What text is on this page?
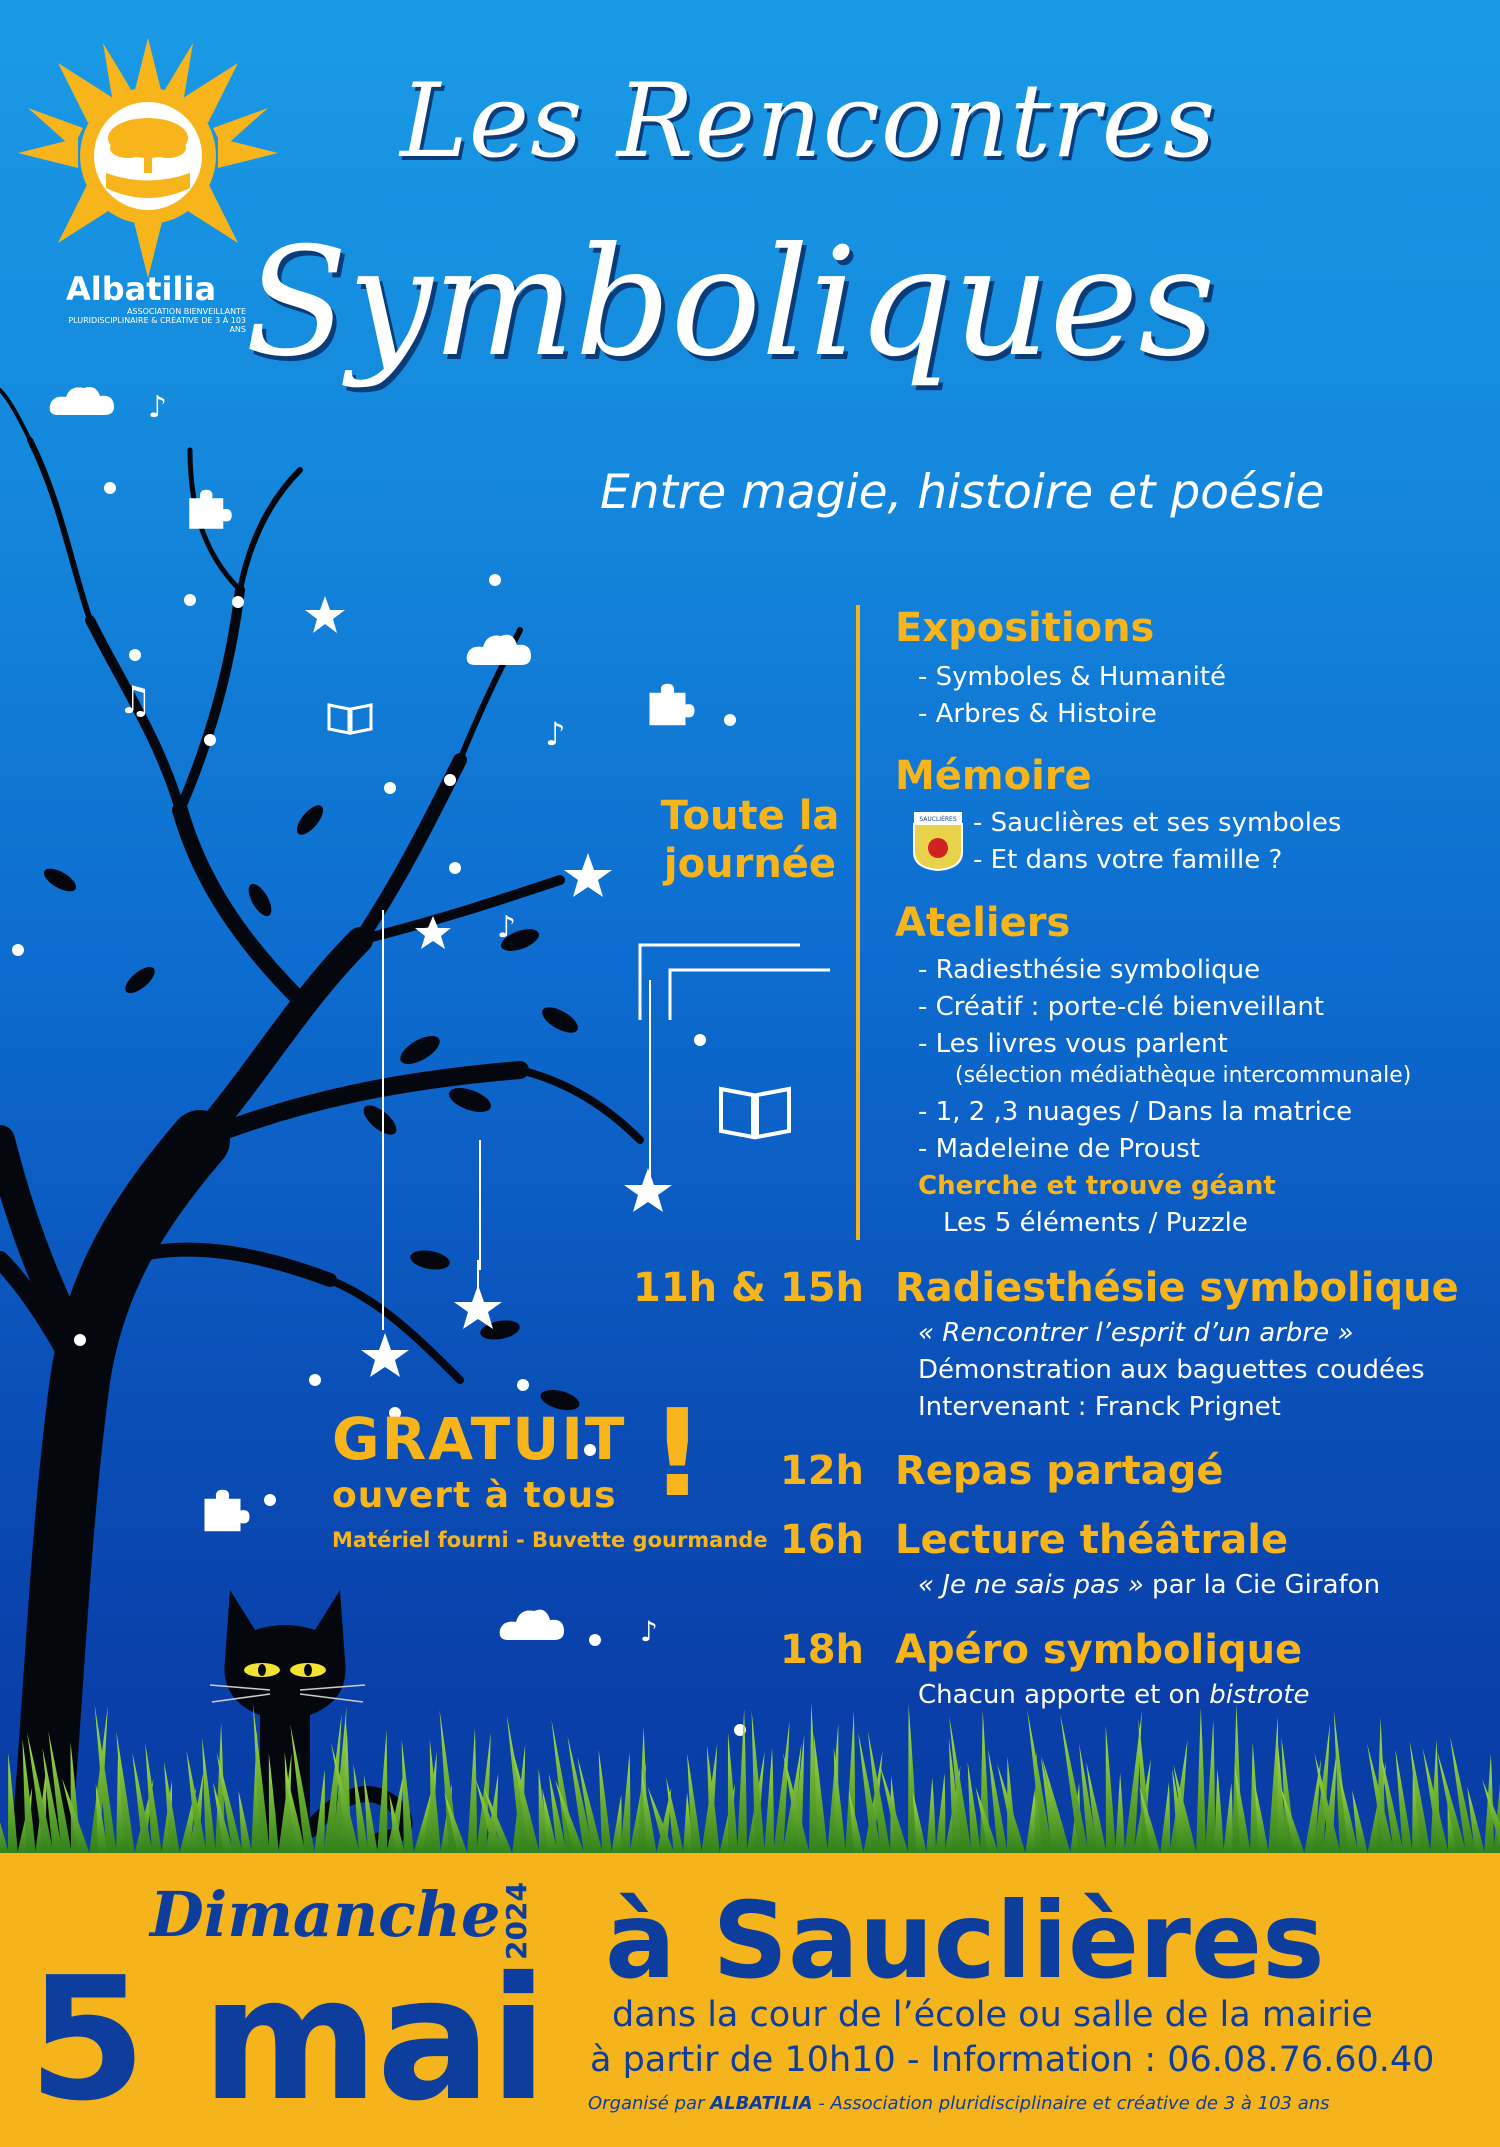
Albatilia
ASSOCIATION BIENVEILLANTE PLURIDISCIPLINAIRE & CRÉATIVE DE 3 À 103 ANS
Les Rencontres
Symboliques
Entre magie, histoire et poésie
♪
♫
♪
♪
♪
Toute la journée
Expositions
- Symboles & Humanité
- Arbres & Histoire
Mémoire
SAUCLIÈRES - Sauclières et ses symboles
- Et dans votre famille ?
Ateliers
- Radiesthésie symbolique
- Créatif : porte-clé bienveillant
- Les livres vous parlent
(sélection médiathèque intercommunale)
- 1, 2 ,3 nuages / Dans la matrice
- Madeleine de Proust
Cherche et trouve géant
Les 5 éléments / Puzzle
11h & 15h Radiesthésie symbolique
« Rencontrer l’esprit d’un arbre »
Démonstration aux baguettes coudées
Intervenant : Franck Prignet
12h Repas partagé
16h Lecture théâtrale
« Je ne sais pas » par la Cie Girafon
18h Apéro symbolique
Chacun apporte et on bistrote
GRATUIT
ouvert à tous !
Matériel fourni - Buvette gourmande
Dimanche 2024
5 mai à Sauclières
dans la cour de l’école ou salle de la mairie
à partir de 10h10 - Information : 06.08.76.60.40
Organisé par ALBATILIA - Association pluridisciplinaire et créative de 3 à 103 ans
